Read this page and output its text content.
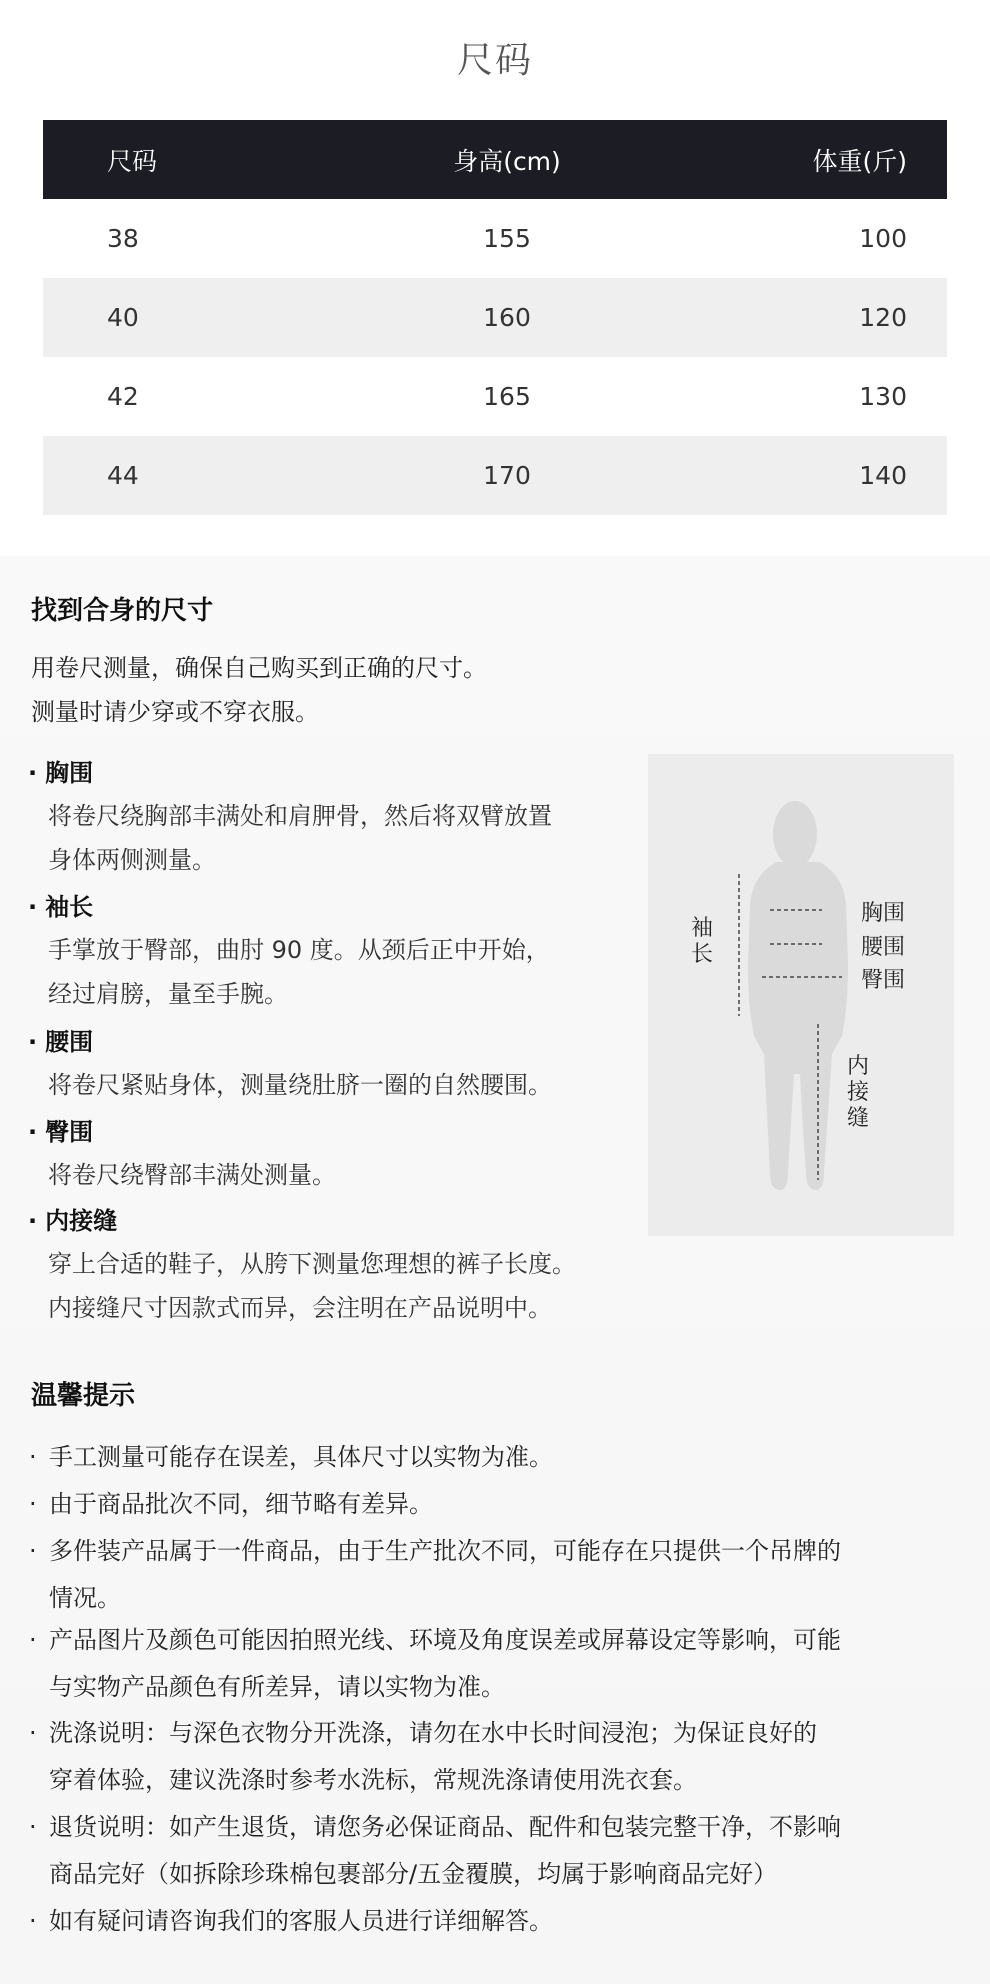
尺码
尺码	身高(cm)	体重(斤)
38	155	100
40	160	120
42	165	130
44	170	140
找到合身的尺寸
用卷尺测量，确保自己购买到正确的尺寸。
测量时请少穿或不穿衣服。
· 胸围
将卷尺绕胸部丰满处和肩胛骨，然后将双臂放置
身体两侧测量。
· 袖长
手掌放于臀部，曲肘 90 度。从颈后正中开始，
经过肩膀，量至手腕。
· 腰围
将卷尺紧贴身体，测量绕肚脐一圈的自然腰围。
· 臀围
将卷尺绕臀部丰满处测量。
· 内接缝
穿上合适的鞋子，从胯下测量您理想的裤子长度。
内接缝尺寸因款式而异，会注明在产品说明中。
袖长
胸围
腰围
臀围
内接缝
温馨提示
· 手工测量可能存在误差，具体尺寸以实物为准。
· 由于商品批次不同，细节略有差异。
· 多件装产品属于一件商品，由于生产批次不同，可能存在只提供一个吊牌的
情况。
· 产品图片及颜色可能因拍照光线、环境及角度误差或屏幕设定等影响，可能
与实物产品颜色有所差异，请以实物为准。
· 洗涤说明：与深色衣物分开洗涤，请勿在水中长时间浸泡；为保证良好的
穿着体验，建议洗涤时参考水洗标，常规洗涤请使用洗衣套。
· 退货说明：如产生退货，请您务必保证商品、配件和包装完整干净，不影响
商品完好（如拆除珍珠棉包裹部分/五金覆膜，均属于影响商品完好）
· 如有疑问请咨询我们的客服人员进行详细解答。
